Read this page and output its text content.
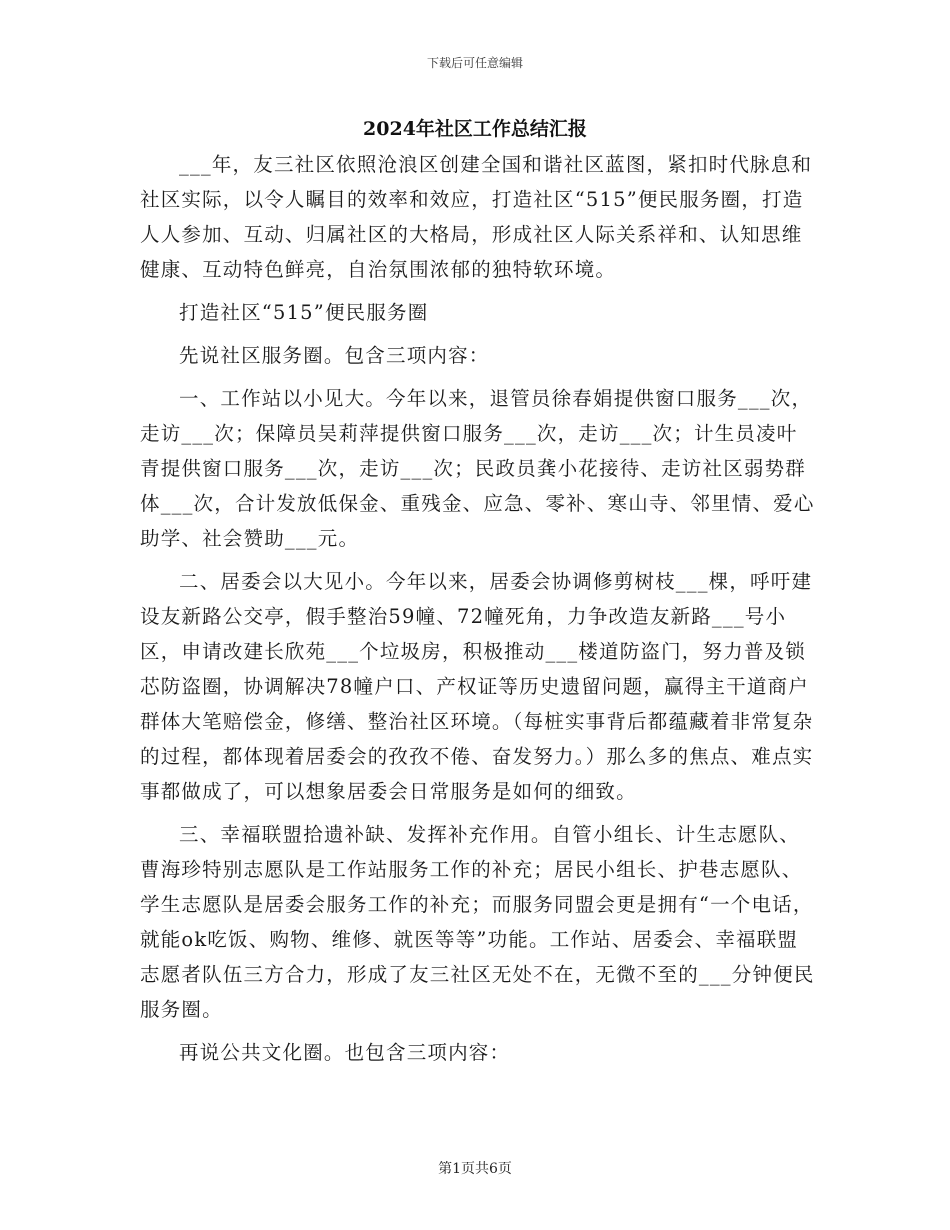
下载后可任意编辑
2024年社区工作总结汇报

___年，友三社区依照沧浪区创建全国和谐社区蓝图，紧扣时代脉息和社区实际，以令人瞩目的效率和效应，打造社区“515”便民服务圈，打造人人参加、互动、归属社区的大格局，形成社区人际关系祥和、认知思维健康、互动特色鲜亮，自治氛围浓郁的独特软环境。

打造社区“515”便民服务圈

先说社区服务圈。包含三项内容：

一、工作站以小见大。今年以来，退管员徐春娟提供窗口服务___次，走访___次；保障员吴莉萍提供窗口服务___次，走访___次；计生员凌叶青提供窗口服务___次，走访___次；民政员龚小花接待、走访社区弱势群体___次，合计发放低保金、重残金、应急、零补、寒山寺、邻里情、爱心助学、社会赞助___元。

二、居委会以大见小。今年以来，居委会协调修剪树枝___棵，呼吁建设友新路公交亭，假手整治59幢、72幢死角，力争改造友新路___号小区，申请改建长欣苑___个垃圾房，积极推动___楼道防盗门，努力普及锁芯防盗圈，协调解决78幢户口、产权证等历史遗留问题，赢得主干道商户群体大笔赔偿金，修缮、整治社区环境。（每桩实事背后都蕴藏着非常复杂的过程，都体现着居委会的孜孜不倦、奋发努力。）那么多的焦点、难点实事都做成了，可以想象居委会日常服务是如何的细致。

三、幸福联盟拾遗补缺、发挥补充作用。自管小组长、计生志愿队、曹海珍特别志愿队是工作站服务工作的补充；居民小组长、护巷志愿队、学生志愿队是居委会服务工作的补充；而服务同盟会更是拥有“一个电话，就能ok吃饭、购物、维修、就医等等”功能。工作站、居委会、幸福联盟志愿者队伍三方合力，形成了友三社区无处不在，无微不至的___分钟便民服务圈。

再说公共文化圈。也包含三项内容：

第1页共6页
